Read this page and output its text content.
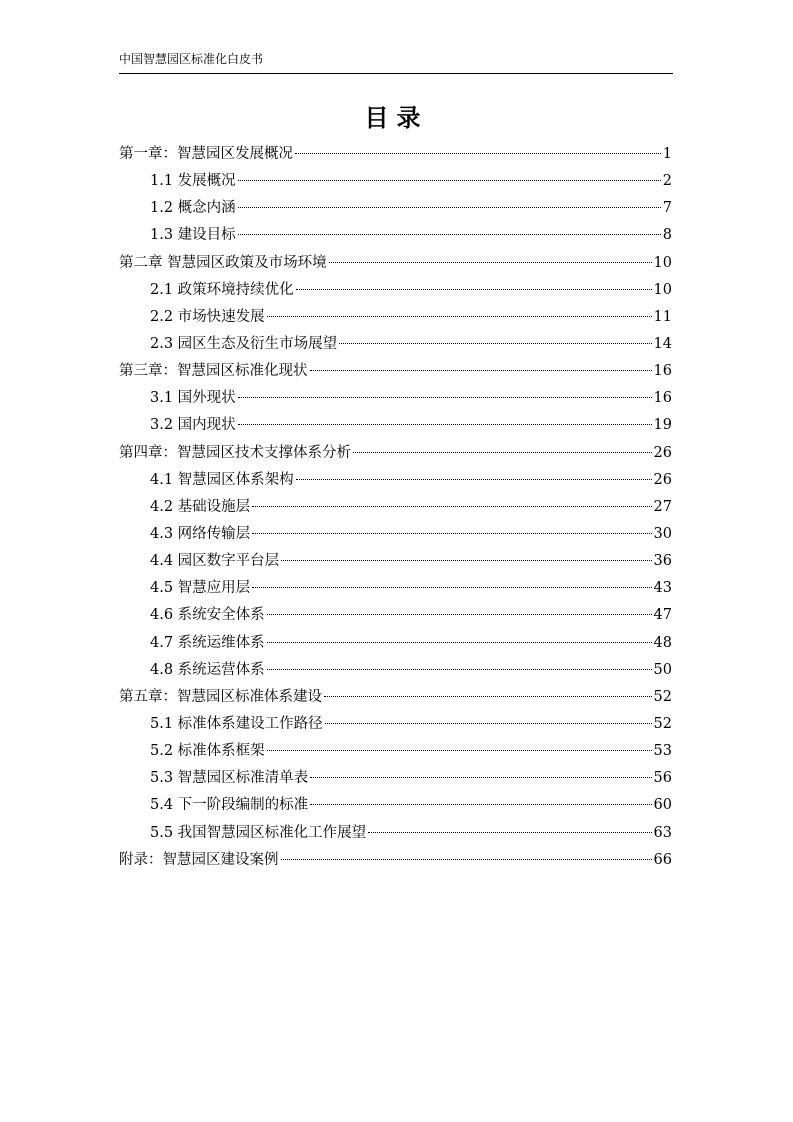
中国智慧园区标准化白皮书
目录
第一章：智慧园区发展概况	1
1.1 发展概况	2
1.2 概念内涵	7
1.3 建设目标	8
第二章 智慧园区政策及市场环境	10
2.1 政策环境持续优化	10
2.2 市场快速发展	11
2.3 园区生态及衍生市场展望	14
第三章：智慧园区标准化现状	16
3.1 国外现状	16
3.2 国内现状	19
第四章：智慧园区技术支撑体系分析	26
4.1 智慧园区体系架构	26
4.2 基础设施层	27
4.3 网络传输层	30
4.4 园区数字平台层	36
4.5 智慧应用层	43
4.6 系统安全体系	47
4.7 系统运维体系	48
4.8 系统运营体系	50
第五章：智慧园区标准体系建设	52
5.1 标准体系建设工作路径	52
5.2 标准体系框架	53
5.3 智慧园区标准清单表	56
5.4 下一阶段编制的标准	60
5.5 我国智慧园区标准化工作展望	63
附录：智慧园区建设案例	66
